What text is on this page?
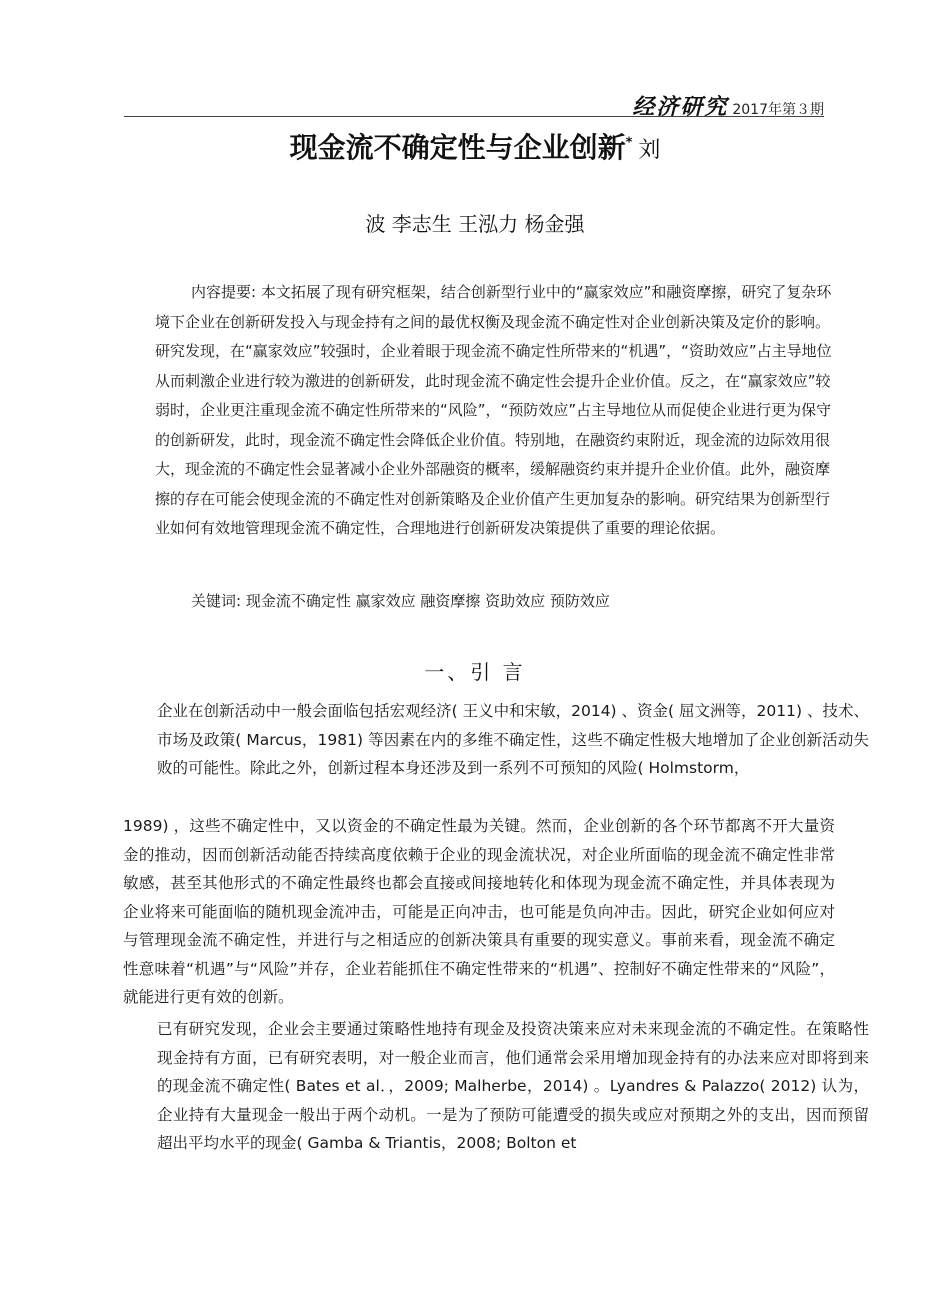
经济研究 2017年第３期
现金流不确定性与企业创新* 刘
波 李志生 王泓力 杨金强
内容提要: 本文拓展了现有研究框架，结合创新型行业中的“赢家效应”和融资摩擦，研究了复杂环境下企业在创新研发投入与现金持有之间的最优权衡及现金流不确定性对企业创新决策及定价的影响。研究发现，在“赢家效应”较强时，企业着眼于现金流不确定性所带来的“机遇”，“资助效应”占主导地位从而刺激企业进行较为激进的创新研发，此时现金流不确定性会提升企业价值。反之，在“赢家效应”较弱时，企业更注重现金流不确定性所带来的“风险”，“预防效应”占主导地位从而促使企业进行更为保守的创新研发，此时，现金流不确定性会降低企业价值。特别地，在融资约束附近，现金流的边际效用很大，现金流的不确定性会显著减小企业外部融资的概率，缓解融资约束并提升企业价值。此外，融资摩擦的存在可能会使现金流的不确定性对创新策略及企业价值产生更加复杂的影响。研究结果为创新型行业如何有效地管理现金流不确定性，合理地进行创新研发决策提供了重要的理论依据。
关键词: 现金流不确定性 赢家效应 融资摩擦 资助效应 预防效应
一、引 言
企业在创新活动中一般会面临包括宏观经济( 王义中和宋敏，2014) 、资金( 屈文洲等，2011) 、技术、市场及政策( Marcus，1981) 等因素在内的多维不确定性，这些不确定性极大地增加了企业创新活动失败的可能性。除此之外，创新过程本身还涉及到一系列不可预知的风险( Holmstorm，
1989) ，这些不确定性中，又以资金的不确定性最为关键。然而，企业创新的各个环节都离不开大量资金的推动，因而创新活动能否持续高度依赖于企业的现金流状况，对企业所面临的现金流不确定性非常敏感，甚至其他形式的不确定性最终也都会直接或间接地转化和体现为现金流不确定性，并具体表现为企业将来可能面临的随机现金流冲击，可能是正向冲击，也可能是负向冲击。因此，研究企业如何应对与管理现金流不确定性，并进行与之相适应的创新决策具有重要的现实意义。事前来看，现金流不确定性意味着“机遇”与“风险”并存，企业若能抓住不确定性带来的“机遇”、控制好不确定性带来的“风险”，就能进行更有效的创新。
已有研究发现，企业会主要通过策略性地持有现金及投资决策来应对未来现金流的不确定性。在策略性现金持有方面，已有研究表明，对一般企业而言，他们通常会采用增加现金持有的办法来应对即将到来的现金流不确定性( Bates et al．，2009; Malherbe，2014) 。Lyandres & Palazzo( 2012) 认为，企业持有大量现金一般出于两个动机。一是为了预防可能遭受的损失或应对预期之外的支出，因而预留超出平均水平的现金( Gamba & Triantis，2008; Bolton et
